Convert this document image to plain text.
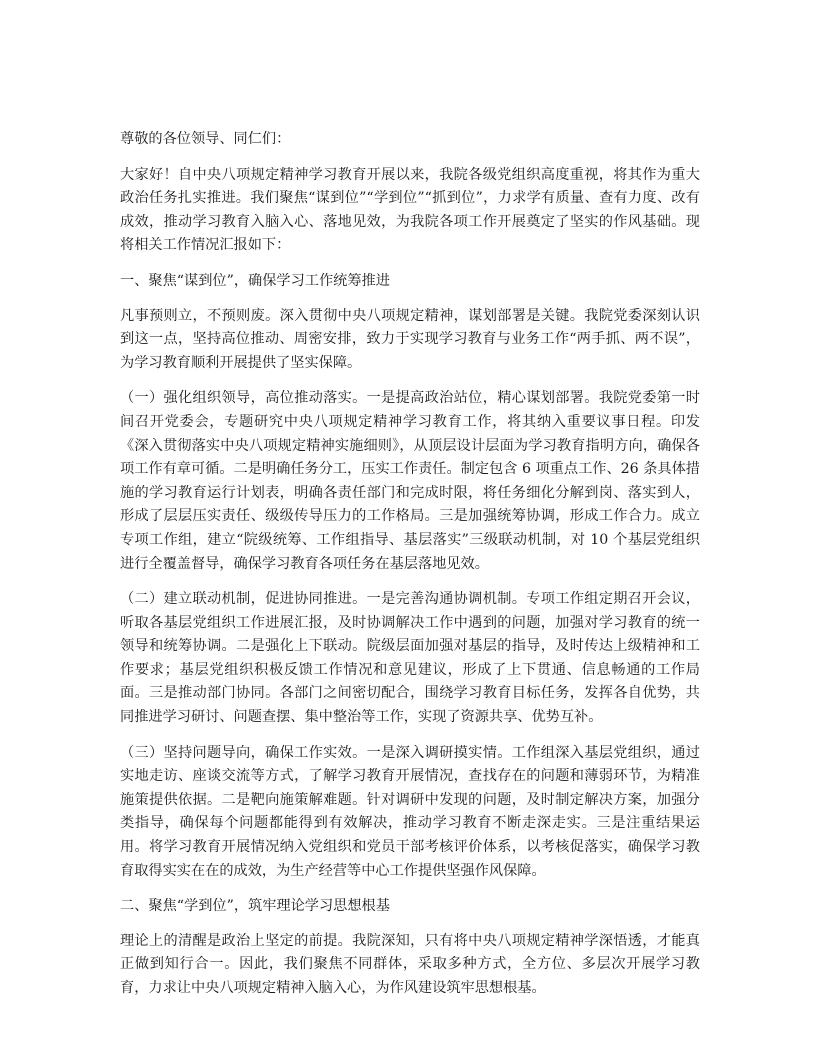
尊敬的各位领导、同仁们：

大家好！自中央八项规定精神学习教育开展以来，我院各级党组织高度重视，将其作为重大政治任务扎实推进。我们聚焦“谋到位”“学到位”“抓到位”，力求学有质量、查有力度、改有成效，推动学习教育入脑入心、落地见效，为我院各项工作开展奠定了坚实的作风基础。现将相关工作情况汇报如下：

一、聚焦“谋到位”，确保学习工作统筹推进

凡事预则立，不预则废。深入贯彻中央八项规定精神，谋划部署是关键。我院党委深刻认识到这一点，坚持高位推动、周密安排，致力于实现学习教育与业务工作“两手抓、两不误”，为学习教育顺利开展提供了坚实保障。

（一）强化组织领导，高位推动落实。一是提高政治站位，精心谋划部署。我院党委第一时间召开党委会，专题研究中央八项规定精神学习教育工作，将其纳入重要议事日程。印发《深入贯彻落实中央八项规定精神实施细则》，从顶层设计层面为学习教育指明方向，确保各项工作有章可循。二是明确任务分工，压实工作责任。制定包含 6 项重点工作、26 条具体措施的学习教育运行计划表，明确各责任部门和完成时限，将任务细化分解到岗、落实到人，形成了层层压实责任、级级传导压力的工作格局。三是加强统筹协调，形成工作合力。成立专项工作组，建立“院级统筹、工作组指导、基层落实”三级联动机制，对 10 个基层党组织进行全覆盖督导，确保学习教育各项任务在基层落地见效。

（二）建立联动机制，促进协同推进。一是完善沟通协调机制。专项工作组定期召开会议，听取各基层党组织工作进展汇报，及时协调解决工作中遇到的问题，加强对学习教育的统一领导和统筹协调。二是强化上下联动。院级层面加强对基层的指导，及时传达上级精神和工作要求；基层党组织积极反馈工作情况和意见建议，形成了上下贯通、信息畅通的工作局面。三是推动部门协同。各部门之间密切配合，围绕学习教育目标任务，发挥各自优势，共同推进学习研讨、问题查摆、集中整治等工作，实现了资源共享、优势互补。

（三）坚持问题导向，确保工作实效。一是深入调研摸实情。工作组深入基层党组织，通过实地走访、座谈交流等方式，了解学习教育开展情况，查找存在的问题和薄弱环节，为精准施策提供依据。二是靶向施策解难题。针对调研中发现的问题，及时制定解决方案，加强分类指导，确保每个问题都能得到有效解决，推动学习教育不断走深走实。三是注重结果运用。将学习教育开展情况纳入党组织和党员干部考核评价体系，以考核促落实，确保学习教育取得实实在在的成效，为生产经营等中心工作提供坚强作风保障。

二、聚焦“学到位”，筑牢理论学习思想根基

理论上的清醒是政治上坚定的前提。我院深知，只有将中央八项规定精神学深悟透，才能真正做到知行合一。因此，我们聚焦不同群体，采取多种方式，全方位、多层次开展学习教育，力求让中央八项规定精神入脑入心，为作风建设筑牢思想根基。
